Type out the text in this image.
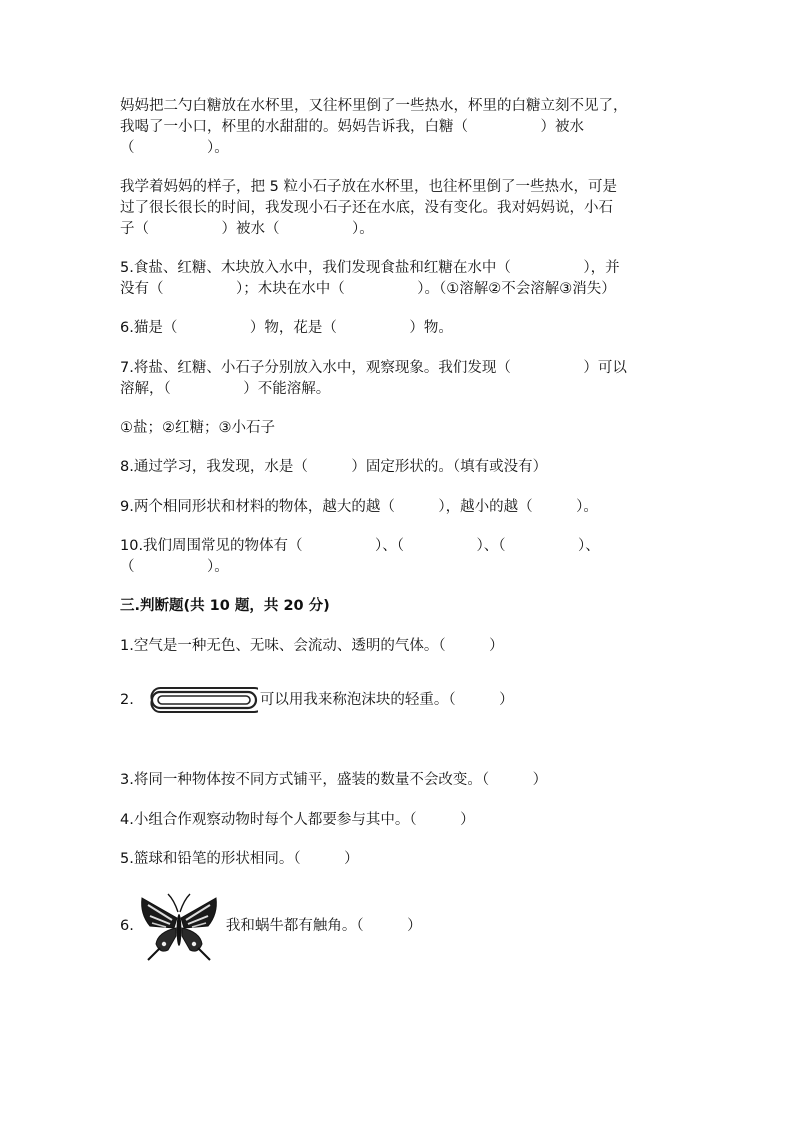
妈妈把二勺白糖放在水杯里，又往杯里倒了一些热水，杯里的白糖立刻不见了，

我喝了一小口，杯里的水甜甜的。妈妈告诉我，白糖（　　　　　）被水

（　　　　　）。

我学着妈妈的样子，把 5 粒小石子放在水杯里，也往杯里倒了一些热水，可是

过了很长很长的时间，我发现小石子还在水底，没有变化。我对妈妈说，小石

子（　　　　　）被水（　　　　　）。

5.食盐、红糖、木块放入水中，我们发现食盐和红糖在水中（　　　　　），并

没有（　　　　　）；木块在水中（　　　　　）。（①溶解②不会溶解③消失）

6.猫是（　　　　　）物，花是（　　　　　）物。

7.将盐、红糖、小石子分别放入水中，观察现象。我们发现（　　　　　）可以

溶解，（　　　　　）不能溶解。

①盐；②红糖；③小石子

8.通过学习，我发现，水是（　　　）固定形状的。（填有或没有）

9.两个相同形状和材料的物体，越大的越（　　　），越小的越（　　　）。

10.我们周围常见的物体有（　　　　　）、（　　　　　）、（　　　　　）、

（　　　　　）。

三.判断题(共 10 题，共 20 分)
1. 空气是一种无色、无味、会流动、透明的气体。（　　　）
2.	可以用我来称泡沫块的轻重。（　　　）
3. 将同一种物体按不同方式铺平，盛装的数量不会改变。（　　　）
4. 小组合作观察动物时每个人都要参与其中。（　　　）
5. 篮球和铅笔的形状相同。（　　　）
6.	我和蜗牛都有触角。（　　　）
